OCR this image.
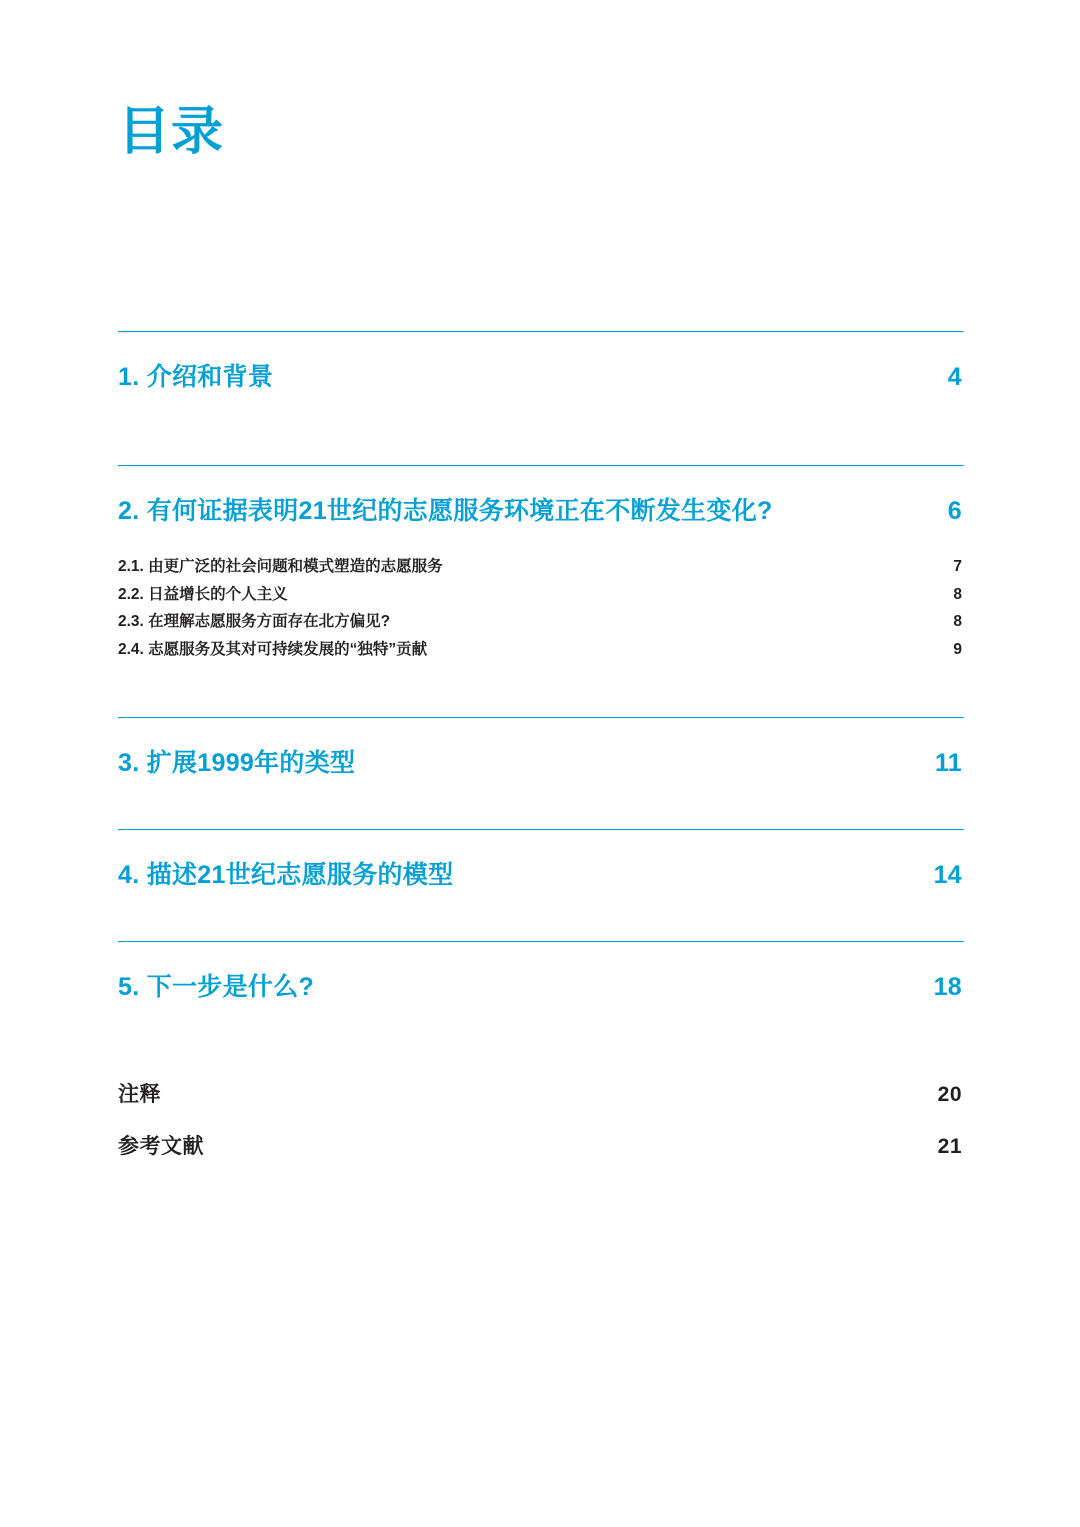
目录
1. 介绍和背景	4
2. 有何证据表明21世纪的志愿服务环境正在不断发生变化?	6
2.1. 由更广泛的社会问题和模式塑造的志愿服务	7
2.2. 日益增长的个人主义	8
2.3. 在理解志愿服务方面存在北方偏见?	8
2.4. 志愿服务及其对可持续发展的“独特”贡献	9
3. 扩展1999年的类型	11
4. 描述21世纪志愿服务的模型	14
5. 下一步是什么?	18
注释	20
参考文献	21
